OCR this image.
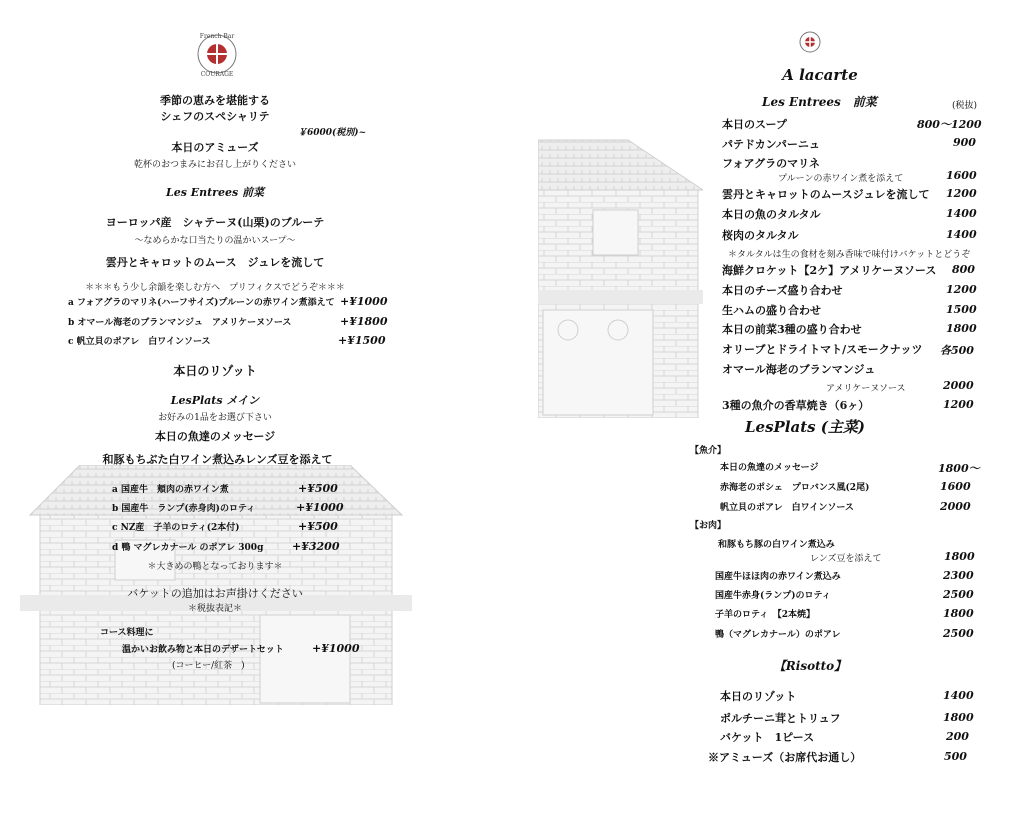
French Bar
COURAGE
季節の恵みを堪能する
シェフのスペシャリテ
￥6000(税別)~
本日のアミューズ
乾杯のおつまみにお召し上がりください
Les Entrees 前菜
ヨーロッパ産　シャテーヌ(山栗)のブルーテ
～なめらかな口当たりの温かいスープ～
雲丹とキャロットのムース　ジュレを流して
＊＊＊もう少し余韻を楽しむ方へ　プリフィクスでどうぞ＊＊＊
a フォアグラのマリネ(ハーフサイズ)プルーンの赤ワイン煮添えて +¥1000
b オマール海老のブランマンジュ　アメリケーヌソース	+¥1800
c 帆立貝のポアレ　白ワインソース	+¥1500
本日のリゾット
LesPlats メイン
お好みの1品をお選び下さい
本日の魚達のメッセージ
和豚もちぶた白ワイン煮込みレンズ豆を添えて
a 国産牛　頬肉の赤ワイン煮	+¥500
b 国産牛　ランプ(赤身肉)のロティ	+¥1000
c NZ産　子羊のロティ(2本付)	+¥500
d 鴨 マグレカナール のポアレ 300g	+¥3200
＊大きめの鴨となっております＊
バケットの追加はお声掛けください
＊税抜表記＊
コース料理に
温かいお飲み物と本日のデザートセット	+¥1000
(コーヒー/紅茶　)
A lacarte
Les Entrees　前菜	(税抜)
本日のスープ	800〜1200
パテドカンパーニュ	900
フォアグラのマリネ
プルーンの赤ワイン煮を添えて	1600
雲丹とキャロットのムースジュレを流して 1200
本日の魚のタルタル	1400
桜肉のタルタル	1400
＊タルタルは生の食材を刻み香味で味付けバケットとどうぞ
海鮮クロケット【2ケ】アメリケーヌソース 800
本日のチーズ盛り合わせ	1200
生ハムの盛り合わせ	1500
本日の前菜3種の盛り合わせ	1800
オリーブとドライトマト/スモークナッツ 各500
オマール海老のブランマンジュ
アメリケーヌソース	2000
3種の魚介の香草焼き（6ヶ）	1200
LesPlats (主菜)
【魚介】
本日の魚達のメッセージ	1800〜
赤海老のポシェ　プロバンス風(2尾)	1600
帆立貝のポアレ　白ワインソース	2000
【お肉】
和豚もち豚の白ワイン煮込み
レンズ豆を添えて	1800
国産牛ほほ肉の赤ワイン煮込み	2300
国産牛赤身(ランプ)のロティ	2500
子羊のロティ　【2本焼】	1800
鴨（マグレカナール）のポアレ	2500
【Risotto】
本日のリゾット	1400
ポルチーニ茸とトリュフ	1800
バケット　1ピース	200
※アミューズ（お席代お通し）	500
